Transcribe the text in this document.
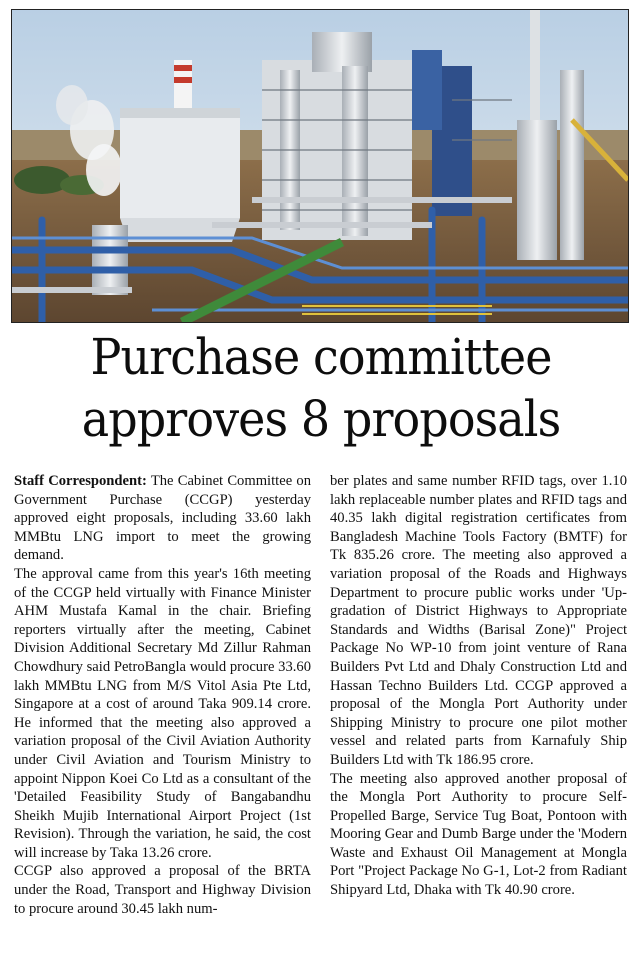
Purchase committee
approves 8 proposals

Staff Correspondent: The Cabinet Committee on Government Purchase (CCGP) yesterday approved eight proposals, including 33.60 lakh MMBtu LNG import to meet the growing demand.

The approval came from this year's 16th meeting of the CCGP held virtually with Finance Minister AHM Mustafa Kamal in the chair. Briefing reporters virtually after the meeting, Cabinet Division Additional Secretary Md Zillur Rahman Chowdhury said PetroBangla would procure 33.60 lakh MMBtu LNG from M/S Vitol Asia Pte Ltd, Singapore at a cost of around Taka 909.14 crore. He informed that the meeting also approved a variation proposal of the Civil Aviation Authority under Civil Aviation and Tourism Ministry to appoint Nippon Koei Co Ltd as a consultant of the 'Detailed Feasibility Study of Bangabandhu Sheikh Mujib International Airport Project (1st Revision). Through the variation, he said, the cost will increase by Taka 13.26 crore.

CCGP also approved a proposal of the BRTA under the Road, Transport and Highway Division to procure around 30.45 lakh num-

ber plates and same number RFID tags, over 1.10 lakh replaceable number plates and RFID tags and 40.35 lakh digital registration certificates from Bangladesh Machine Tools Factory (BMTF) for Tk 835.26 crore. The meeting also approved a variation proposal of the Roads and Highways Department to procure public works under 'Up-gradation of District Highways to Appropriate Standards and Widths (Barisal Zone)" Project Package No WP-10 from joint venture of Rana Builders Pvt Ltd and Dhaly Construction Ltd and Hassan Techno Builders Ltd. CCGP approved a proposal of the Mongla Port Authority under Shipping Ministry to procure one pilot mother vessel and related parts from Karnafuly Ship Builders Ltd with Tk 186.95 crore.

The meeting also approved another proposal of the Mongla Port Authority to procure Self-Propelled Barge, Service Tug Boat, Pontoon with Mooring Gear and Dumb Barge under the 'Modern Waste and Exhaust Oil Management at Mongla Port "Project Package No G-1, Lot-2 from Radiant Shipyard Ltd, Dhaka with Tk 40.90 crore.
